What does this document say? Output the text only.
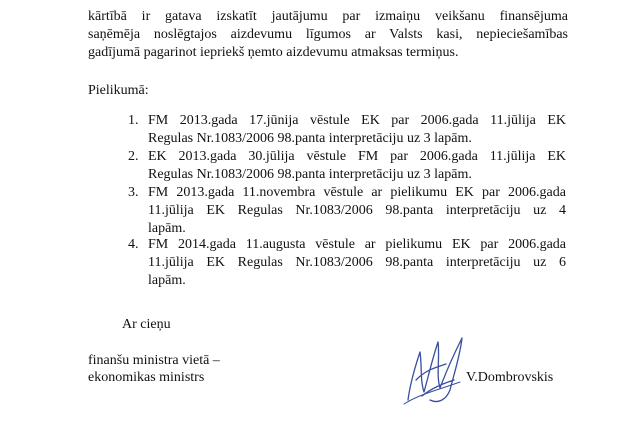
kārtībā ir gatava izskatīt jautājumu par izmaiņu veikšanu finansējuma
saņēmēja noslēgtajos aizdevumu līgumos ar Valsts kasi, nepieciešamības
gadījumā pagarinot iepriekš ņemto aizdevumu atmaksas termiņus.
Pielikumā:
1. FM 2013.gada 17.jūnija vēstule EK par 2006.gada 11.jūlija EK
Regulas Nr.1083/2006 98.panta interpretāciju uz 3 lapām.
2. EK 2013.gada 30.jūlija vēstule FM par 2006.gada 11.jūlija EK
Regulas Nr.1083/2006 98.panta interpretāciju uz 3 lapām.
3. FM 2013.gada 11.novembra vēstule ar pielikumu EK par 2006.gada
11.jūlija EK Regulas Nr.1083/2006 98.panta interpretāciju uz 4
lapām.
4. FM 2014.gada 11.augusta vēstule ar pielikumu EK par 2006.gada
11.jūlija EK Regulas Nr.1083/2006 98.panta interpretāciju uz 6
lapām.
Ar cieņu
finanšu ministra vietā –
ekonomikas ministrs	V.Dombrovskis
